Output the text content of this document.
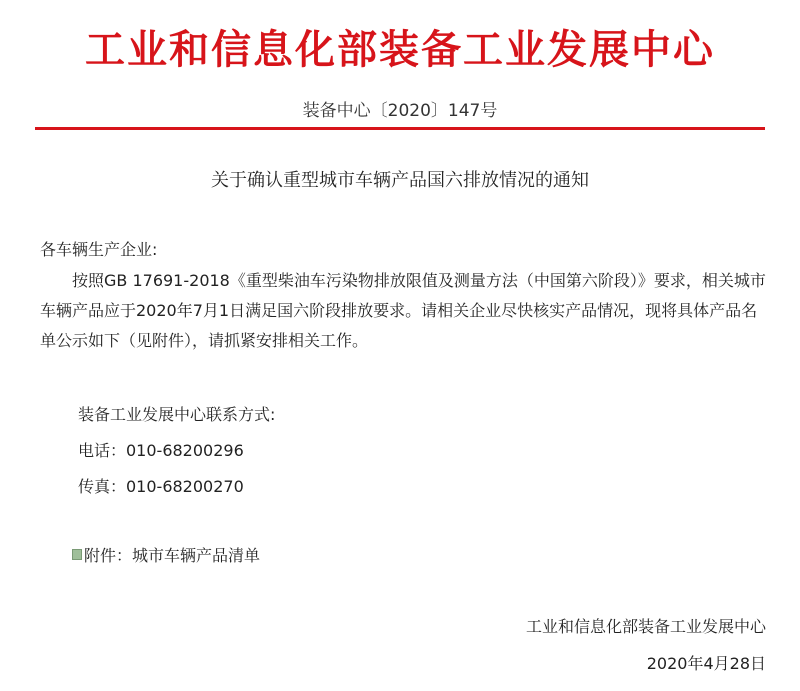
工业和信息化部装备工业发展中心
装备中心〔2020〕147号
关于确认重型城市车辆产品国六排放情况的通知
各车辆生产企业:
按照GB 17691-2018《重型柴油车污染物排放限值及测量方法（中国第六阶段）》要求，相关城市车辆产品应于2020年7月1日满足国六阶段排放要求。请相关企业尽快核实产品情况，现将具体产品名单公示如下（见附件），请抓紧安排相关工作。
装备工业发展中心联系方式:
电话：010-68200296
传真：010-68200270
附件：城市车辆产品清单
工业和信息化部装备工业发展中心
2020年4月28日
